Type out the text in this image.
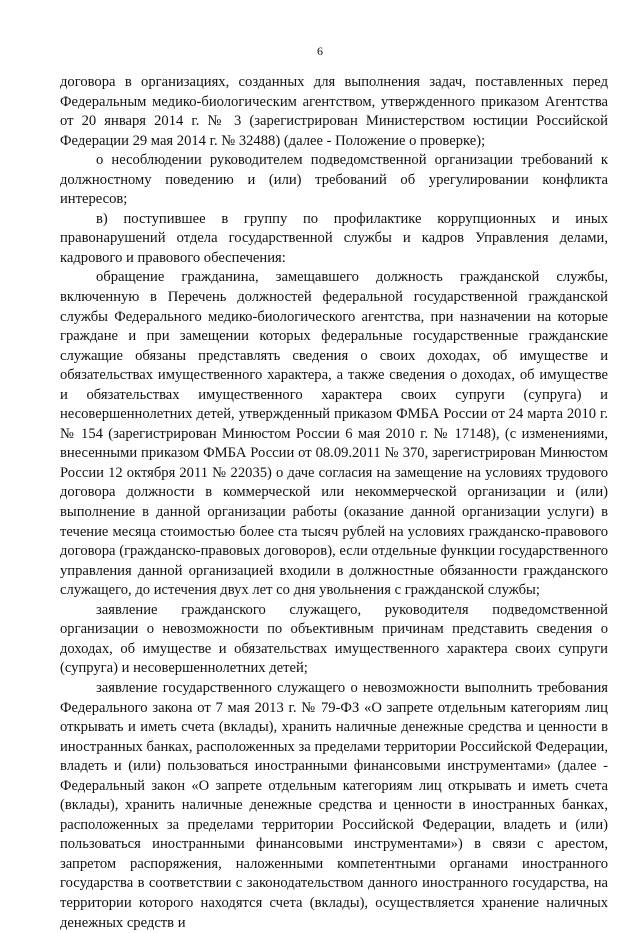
6

договора в организациях, созданных для выполнения задач, поставленных перед Федеральным медико-биологическим агентством, утвержденного приказом Агентства от 20 января 2014 г. № 3 (зарегистрирован Министерством юстиции Российской Федерации 29 мая 2014 г. № 32488) (далее - Положение о проверке);

о несоблюдении руководителем подведомственной организации требований к должностному поведению и (или) требований об урегулировании конфликта интересов;

в) поступившее в группу по профилактике коррупционных и иных правонарушений отдела государственной службы и кадров Управления делами, кадрового и правового обеспечения:

обращение гражданина, замещавшего должность гражданской службы, включенную в Перечень должностей федеральной государственной гражданской службы Федерального медико-биологического агентства, при назначении на которые граждане и при замещении которых федеральные государственные гражданские служащие обязаны представлять сведения о своих доходах, об имуществе и обязательствах имущественного характера, а также сведения о доходах, об имуществе и обязательствах имущественного характера своих супруги (супруга) и несовершеннолетних детей, утвержденный приказом ФМБА России от 24 марта 2010 г. № 154 (зарегистрирован Минюстом России 6 мая 2010 г. № 17148), (с изменениями, внесенными приказом ФМБА России от 08.09.2011 № 370, зарегистрирован Минюстом России 12 октября 2011 № 22035) о даче согласия на замещение на условиях трудового договора должности в коммерческой или некоммерческой организации и (или) выполнение в данной организации работы (оказание данной организации услуги) в течение месяца стоимостью более ста тысяч рублей на условиях гражданско-правового договора (гражданско-правовых договоров), если отдельные функции государственного управления данной организацией входили в должностные обязанности гражданского служащего, до истечения двух лет со дня увольнения с гражданской службы;

заявление гражданского служащего, руководителя подведомственной организации о невозможности по объективным причинам представить сведения о доходах, об имуществе и обязательствах имущественного характера своих супруги (супруга) и несовершеннолетних детей;

заявление государственного служащего о невозможности выполнить требования Федерального закона от 7 мая 2013 г. № 79-ФЗ «О запрете отдельным категориям лиц открывать и иметь счета (вклады), хранить наличные денежные средства и ценности в иностранных банках, расположенных за пределами территории Российской Федерации, владеть и (или) пользоваться иностранными финансовыми инструментами» (далее - Федеральный закон «О запрете отдельным категориям лиц открывать и иметь счета (вклады), хранить наличные денежные средства и ценности в иностранных банках, расположенных за пределами территории Российской Федерации, владеть и (или) пользоваться иностранными финансовыми инструментами») в связи с арестом, запретом распоряжения, наложенными компетентными органами иностранного государства в соответствии с законодательством данного иностранного государства, на территории которого находятся счета (вклады), осуществляется хранение наличных денежных средств и
